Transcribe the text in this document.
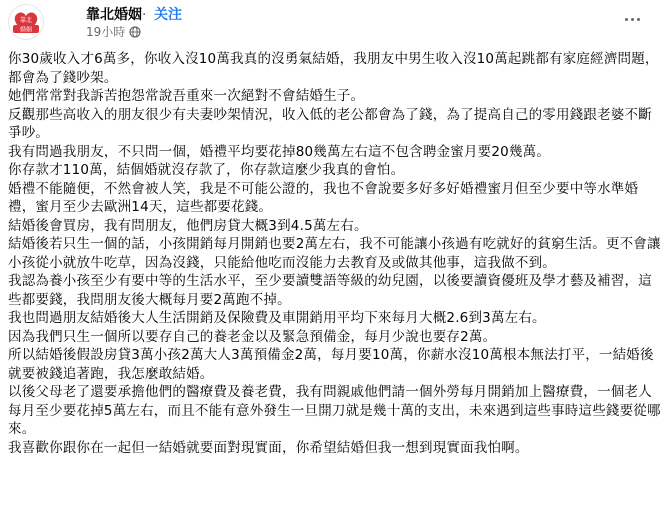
靠北
婚姻
靠北婚姻 · 关注
19小時

你30歲收入才6萬多，你收入沒10萬我真的沒勇氣結婚，我朋友中男生收入沒10萬起跳都有家庭經濟問題，都會為了錢吵架。

她們常常對我訴苦抱怨常說吾重來一次絕對不會結婚生子。

反觀那些高收入的朋友很少有夫妻吵架情況，收入低的老公都會為了錢，為了提高自己的零用錢跟老婆不斷爭吵。

我有問過我朋友，不只問一個，婚禮平均要花掉80幾萬左右這不包含聘金蜜月要20幾萬。

你存款才110萬，結個婚就沒存款了，你存款這麼少我真的會怕。

婚禮不能隨便，不然會被人笑，我是不可能公證的，我也不會說要多好多好婚禮蜜月但至少要中等水準婚禮，蜜月至少去歐洲14天，這些都要花錢。

結婚後會買房，我有問朋友，他們房貸大概3到4.5萬左右。

結婚後若只生一個的話，小孩開銷每月開銷也要2萬左右，我不可能讓小孩過有吃就好的貧窮生活。更不會讓小孩從小就放牛吃草，因為沒錢，只能給他吃而沒能力去教育及或做其他事，這我做不到。

我認為養小孩至少有要中等的生活水平，至少要讀雙語等級的幼兒園，以後要讀資優班及學才藝及補習，這些都要錢，我問朋友後大概每月要2萬跑不掉。

我也問過朋友結婚後大人生活開銷及保險費及車開銷用平均下來每月大概2.6到3萬左右。

因為我們只生一個所以要存自己的養老金以及緊急預備金，每月少說也要存2萬。

所以結婚後假設房貸3萬小孩2萬大人3萬預備金2萬，每月要10萬，你薪水沒10萬根本無法打平，一結婚後就要被錢追著跑，我怎麼敢結婚。

以後父母老了還要承擔他們的醫療費及養老費，我有問親戚他們請一個外勞每月開銷加上醫療費，一個老人每月至少要花掉5萬左右，而且不能有意外發生一旦開刀就是幾十萬的支出，未來遇到這些事時這些錢要從哪來。

我喜歡你跟你在一起但一結婚就要面對現實面，你希望結婚但我一想到現實面我怕啊。
